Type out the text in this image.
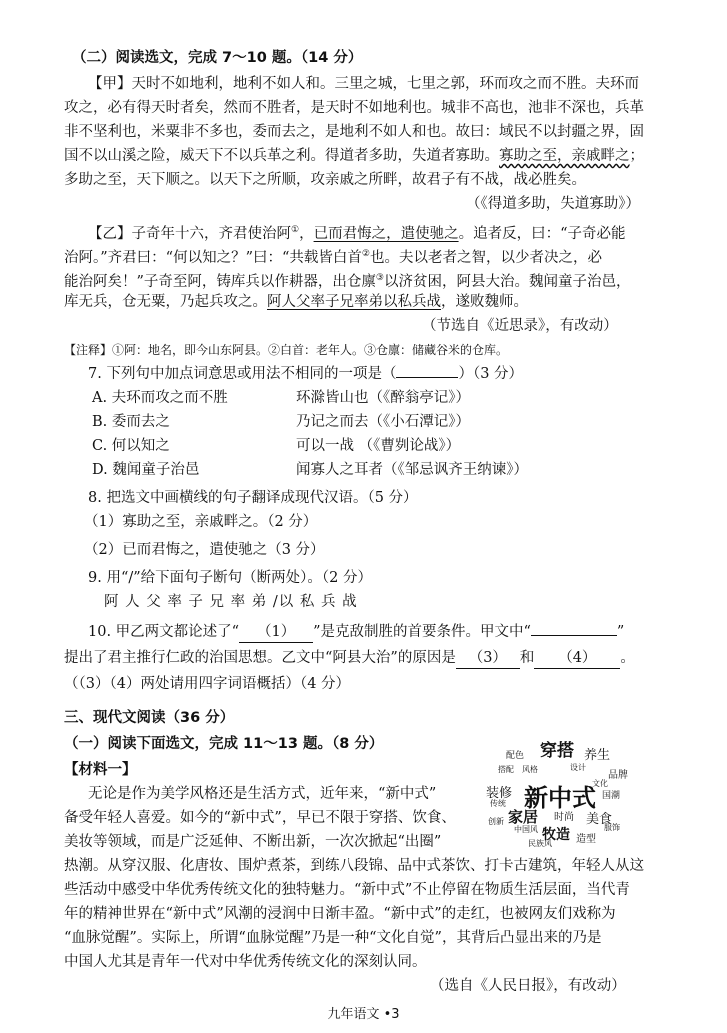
（二）阅读选文，完成 7～10 题。（14 分）
【甲】天时不如地利，地利不如人和。三里之城，七里之郭，环而攻之而不胜。夫环而
攻之，必有得天时者矣，然而不胜者，是天时不如地利也。城非不高也，池非不深也，兵革
非不坚利也，米粟非不多也，委而去之，是地利不如人和也。故曰：域民不以封疆之界，固
国不以山溪之险，威天下不以兵革之利。得道者多助，失道者寡助。寡助之至，亲戚畔之；
多助之至，天下顺之。以天下之所顺，攻亲戚之所畔，故君子有不战，战必胜矣。
（《得道多助，失道寡助》）
【乙】子奇年十六，齐君使治阿①，已而君悔之，遣使驰之。追者反，曰：“子奇必能
治阿。”齐君曰：“何以知之？”曰：“共载皆白首②也。夫以老者之智，以少者决之，必
能治阿矣！”子奇至阿，铸库兵以作耕器，出仓廪③以济贫困，阿县大治。魏闻童子治邑，
库无兵，仓无粟，乃起兵攻之。阿人父率子兄率弟以私兵战，遂败魏师。
（节选自《近思录》，有改动）
【注释】①阿：地名，即今山东阿县。②白首：老年人。③仓廪：储藏谷米的仓库。
7. 下列句中加点词意思或用法不相同的一项是（	）（3 分）
A. 夫环而攻之而不胜	环滁皆山也（《醉翁亭记》）
B. 委而去之	乃记之而去（《小石潭记》）
C. 何以知之	可以一战 （《曹刿论战》）
D. 魏闻童子治邑	闻寡人之耳者（《邹忌讽齐王纳谏》）
8. 把选文中画横线的句子翻译成现代汉语。（5 分）
（1）寡助之至，亲戚畔之。（2 分）
（2）已而君悔之，遣使驰之（3 分）
9. 用“/”给下面句子断句（断两处）。（2 分）
阿 人 父 率 子 兄 率 弟 /以 私 兵 战
10. 甲乙两文都论述了“ （1） ”是克敌制胜的首要条件。甲文中“	”
提出了君主推行仁政的治国思想。乙文中“阿县大治”的原因是 （3） 和 （4） 。
（（3）（4）两处请用四字词语概括）（4 分）
三、现代文阅读（36 分）
（一）阅读下面选文，完成 11～13 题。（8 分）
【材料一】
无论是作为美学风格还是生活方式，近年来，“新中式”
备受年轻人喜爱。如今的“新中式”，早已不限于穿搭、饮食、
美妆等领域，而是广泛延伸、不断出新，一次次掀起“出圈”
热潮。从穿汉服、化唐妆、围炉煮茶，到练八段锦、品中式茶饮、打卡古建筑，年轻人从这
些活动中感受中华优秀传统文化的独特魅力。“新中式”不止停留在物质生活层面，当代青
年的精神世界在“新中式”风潮的浸润中日渐丰盈。“新中式”的走红，也被网友们戏称为
“血脉觉醒”。实际上，所谓“血脉觉醒”乃是一种“文化自觉”，其背后凸显出来的乃是
中国人尤其是青年一代对中华优秀传统文化的深刻认同。
（选自《人民日报》，有改动）
新中式
穿搭 养生
装修
家居	美食
牧造 造型
品牌
配色
国潮
时尚
中国风
搭配 风格	设计
文化
民族风
传统
创新
服饰
九年语文 •3
